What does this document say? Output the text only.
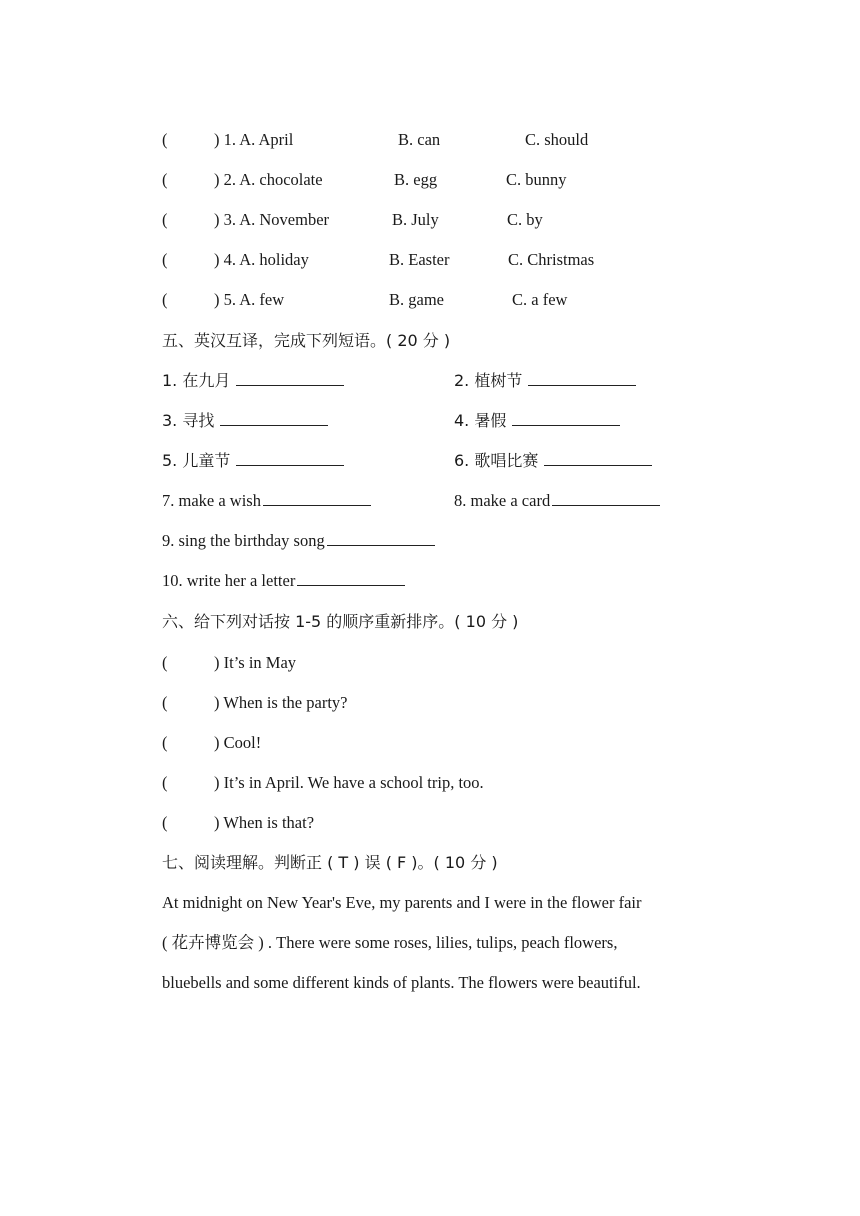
(	) 1. A. April	B. can	C. should
(	) 2. A. chocolate	B. egg	C. bunny
(	) 3. A. November	B. July	C. by
(	) 4. A. holiday	B. Easter	C. Christmas
(	) 5. A. few	B. game	C. a few
五、英汉互译，完成下列短语。( 20 分 )
1. 在九月	2. 植树节
3. 寻找	4. 暑假
5. 儿童节	6. 歌唱比赛
7. make a wish	8. make a card
9. sing the birthday song
10. write her a letter
六、给下列对话按 1-5 的顺序重新排序。( 10 分 )
(	) It’s in May
(	) When is the party?
(	) Cool!
(	) It’s in April. We have a school trip, too.
(	) When is that?
七、阅读理解。判断正 ( T ) 误 ( F )。( 10 分 )
At midnight on New Year's Eve, my parents and I were in the flower fair
( 花卉博览会 ) . There were some roses, lilies, tulips, peach flowers,
bluebells and some different kinds of plants. The flowers were beautiful.
